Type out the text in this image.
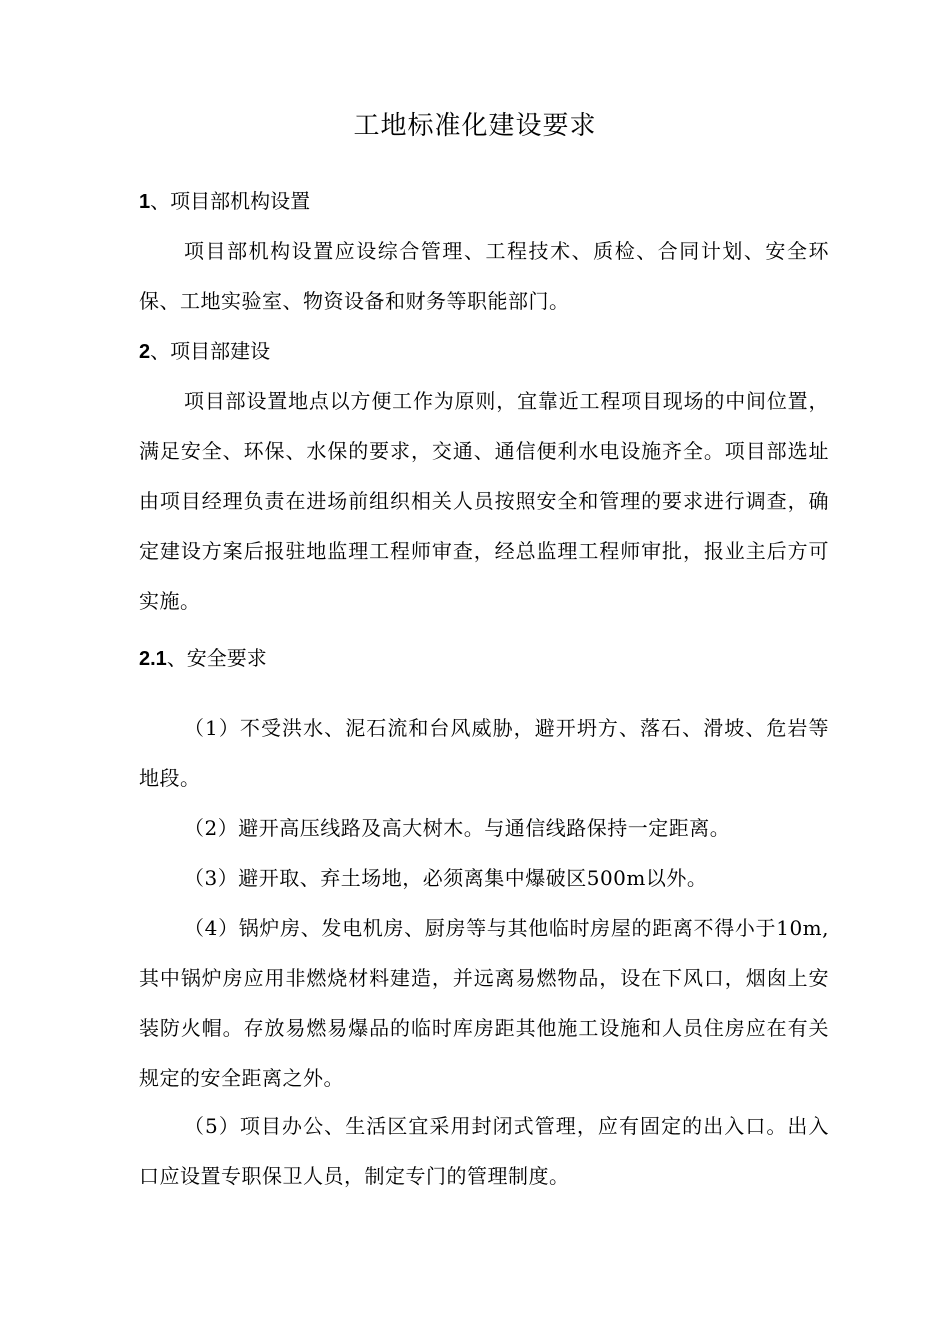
工地标准化建设要求
1、项目部机构设置
项目部机构设置应设综合管理、工程技术、质检、合同计划、安全环保、工地实验室、物资设备和财务等职能部门。
2、项目部建设
项目部设置地点以方便工作为原则，宜靠近工程项目现场的中间位置，满足安全、环保、水保的要求，交通、通信便利水电设施齐全。项目部选址由项目经理负责在进场前组织相关人员按照安全和管理的要求进行调查，确定建设方案后报驻地监理工程师审查，经总监理工程师审批，报业主后方可实施。
2.1、安全要求
（1）不受洪水、泥石流和台风威胁，避开坍方、落石、滑坡、危岩等地段。
（2）避开高压线路及高大树木。与通信线路保持一定距离。
（3）避开取、弃土场地，必须离集中爆破区500m以外。
（4）锅炉房、发电机房、厨房等与其他临时房屋的距离不得小于10m,其中锅炉房应用非燃烧材料建造，并远离易燃物品，设在下风口，烟囱上安装防火帽。存放易燃易爆品的临时库房距其他施工设施和人员住房应在有关规定的安全距离之外。
（5）项目办公、生活区宜采用封闭式管理，应有固定的出入口。出入口应设置专职保卫人员，制定专门的管理制度。
